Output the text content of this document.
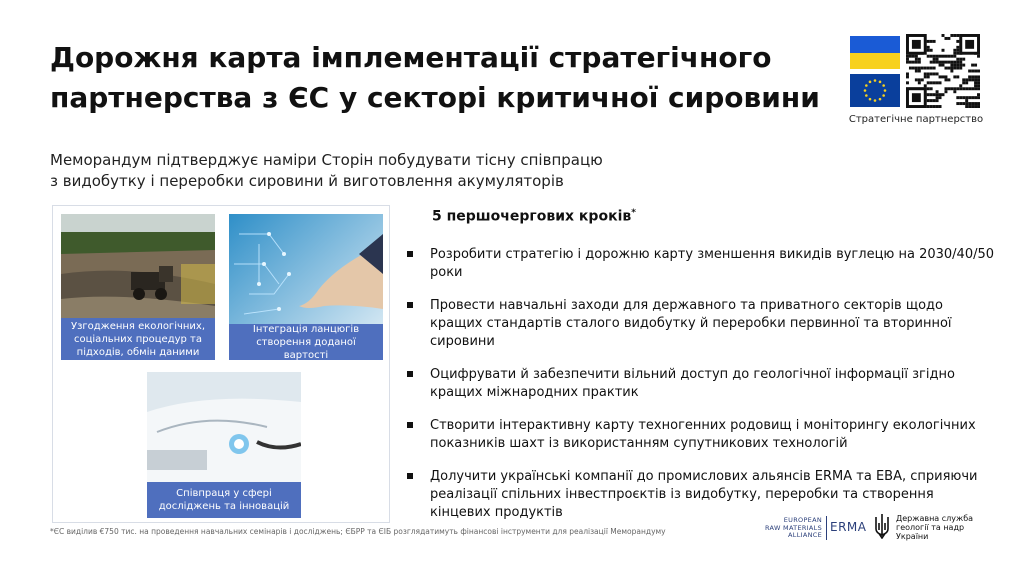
Дорожня карта імплементації стратегічного
партнерства з ЄС у секторі критичної сировини
Стратегічне партнерство

Меморандум підтверджує наміри Сторін побудувати тісну співпрацю
з видобутку і переробки сировини й виготовлення акумуляторів

Узгодження екологічних, соціальних процедур та підходів, обмін даними
Інтеграція ланцюгів створення доданої вартості
Співпраця у сфері досліджень та інновацій
5 першочергових кроків*
Розробити стратегію і дорожню карту зменшення викидів вуглецю на 2030/40/50 роки
Провести навчальні заходи для державного та приватного секторів щодо кращих стандартів сталого видобутку й переробки первинної та вторинної сировини
Оцифрувати й забезпечити вільний доступ до геологічної інформації згідно кращих міжнародних практик
Створити інтерактивну карту техногенних родовищ і моніторингу екологічних показників шахт із використанням супутникових технологій
Долучити українські компанії до промислових альянсів ERMA та EBA, сприяючи реалізації спільних інвестпроєктів із видобутку, переробки та створення кінцевих продуктів
*ЄС виділив €750 тис. на проведення навчальних семінарів і досліджень; ЄБРР та ЄІБ розглядатимуть фінансові інструменти для реалізації Меморандуму
EUROPEAN
RAW MATERIALS
ALLIANCE
ERMA
Державна служба
геології та надр
України
